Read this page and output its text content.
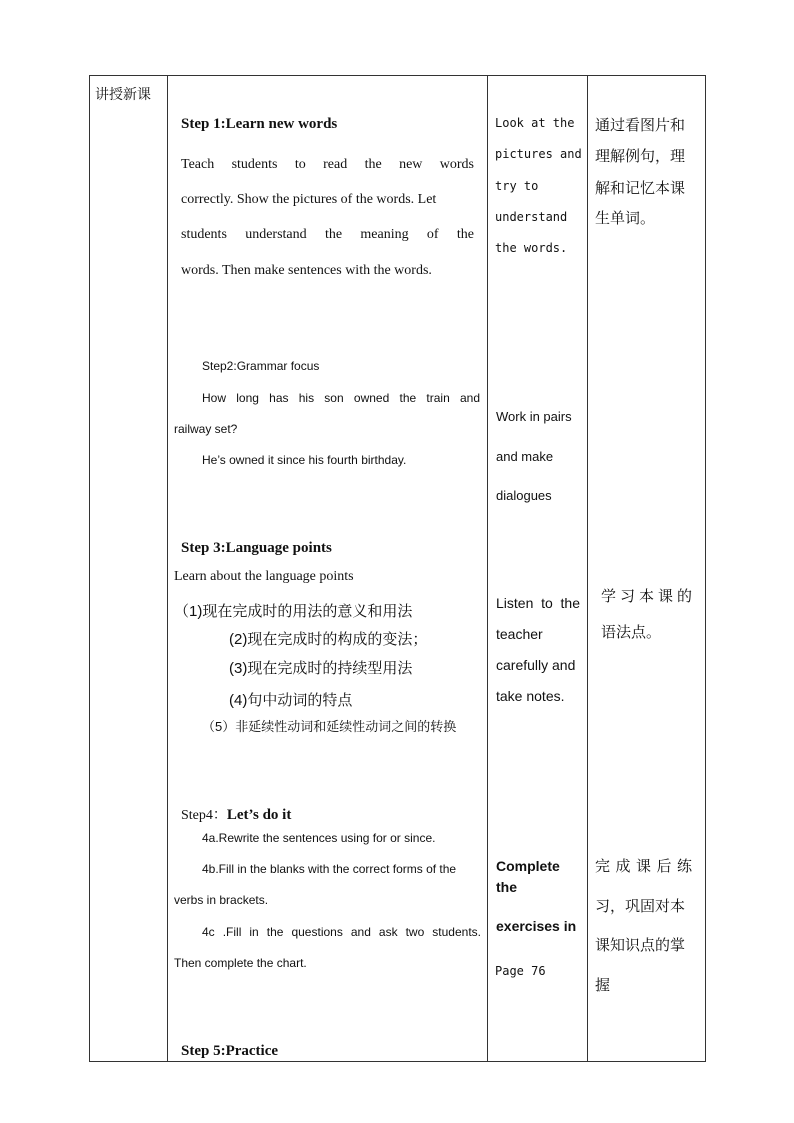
讲授新课
Step 1:Learn new words
Teach students to read the new words
correctly. Show the pictures of the words. Let
students understand the meaning of the
words. Then make sentences with the words.
Look at the
pictures and
try to
understand
the words.
通过看图片和
理解例句，理
解和记忆本课
生单词。
Step2:Grammar focus
How long has his son owned the train and
railway set?
He’s owned it since his fourth birthday.
Work in pairs
and make
dialogues
Step 3:Language points
Learn about the language points
（1)现在完成时的用法的意义和用法
(2)现在完成时的构成的变法；
(3)现在完成时的持续型用法
(4)句中动词的特点
（5）非延续性动词和延续性动词之间的转换
Listen to the
teacher
carefully and
take notes.
学习本课的
语法点。
Step4：Let’s do it
4a.Rewrite the sentences using for or since.
4b.Fill in the blanks with the correct forms of the
verbs in brackets.
4c .Fill in the questions and ask two students.
Then complete the chart.
Complete
the
exercises in
Page 76
完成课后练
习，巩固对本
课知识点的掌
握
Step 5:Practice
